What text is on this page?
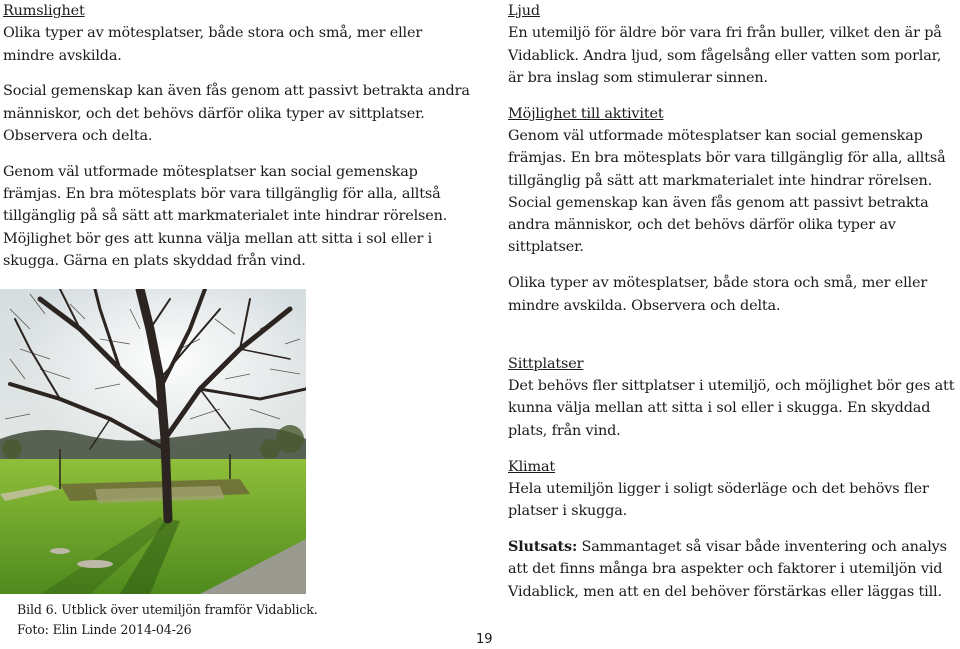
Rumslighet

Olika typer av mötesplatser, både stora och små, mer eller mindre avskilda.

Social gemenskap kan även fås genom att passivt betrakta andra människor, och det behövs därför olika typer av sittplatser. Observera och delta.

Genom väl utformade mötesplatser kan social gemenskap främjas. En bra mötesplats bör vara tillgänglig för alla, alltså tillgänglig på så sätt att markmaterialet inte hindrar rörelsen. Möjlighet bör ges att kunna välja mellan att sitta i sol eller i skugga. Gärna en plats skyddad från vind.

Bild 6. Utblick över utemiljön framför Vidablick.

Foto: Elin Linde 2014-04-26

Ljud

En utemiljö för äldre bör vara fri från buller, vilket den är på Vidablick. Andra ljud, som fågelsång eller vatten som porlar, är bra inslag som stimulerar sinnen.

Möjlighet till aktivitet

Genom väl utformade mötesplatser kan social gemenskap främjas. En bra mötesplats bör vara tillgänglig för alla, alltså tillgänglig på sätt att markmaterialet inte hindrar rörelsen. Social gemenskap kan även fås genom att passivt betrakta andra människor, och det behövs därför olika typer av sittplatser.

Olika typer av mötesplatser, både stora och små, mer eller mindre avskilda. Observera och delta.

Sittplatser

Det behövs fler sittplatser i utemiljö, och möjlighet bör ges att kunna välja mellan att sitta i sol eller i skugga. En skyddad plats, från vind.

Klimat

Hela utemiljön ligger i soligt söderläge och det behövs fler platser i skugga.

Slutsats: Sammantaget så visar både inventering och analys att det finns många bra aspekter och faktorer i utemiljön vid Vidablick, men att en del behöver förstärkas eller läggas till.

19
